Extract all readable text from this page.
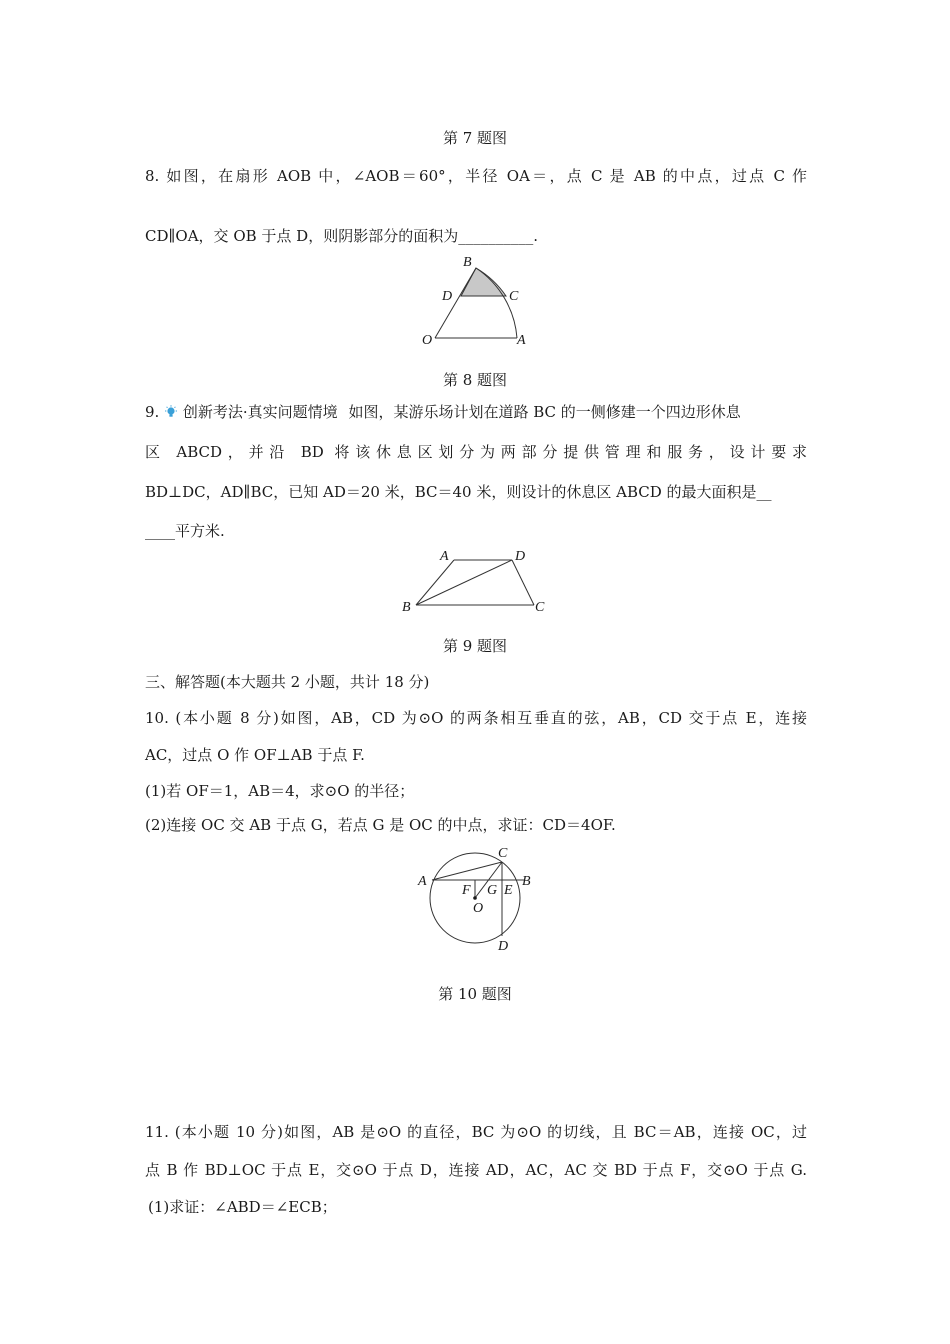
第 7 题图
8. 如图，在扇形 AOB 中，∠AOB＝60°，半径 OA＝，点 C 是 AB 的中点，过点 C 作
CD∥OA，交 OB 于点 D，则阴影部分的面积为__________.
B
D	C
O	A
第 8 题图
9. 创新考法·真实问题情境 如图，某游乐场计划在道路 BC 的一侧修建一个四边形休息
区 ABCD，并沿 BD 将该休息区划分为两部分提供管理和服务，设计要求
BD⊥DC，AD∥BC，已知 AD＝20 米，BC＝40 米，则设计的休息区 ABCD 的最大面积是__
____平方米.
A	D
B	C
第 9 题图
三、解答题(本大题共 2 小题，共计 18 分)
10. (本小题 8 分)如图，AB，CD 为⊙O 的两条相互垂直的弦，AB，CD 交于点 E，连接
AC，过点 O 作 OF⊥AB 于点 F.
(1)若 OF＝1，AB＝4，求⊙O 的半径；
(2)连接 OC 交 AB 于点 G，若点 G 是 OC 的中点，求证：CD＝4OF.
C
A	B
F G E
O
D
第 10 题图
11. (本小题 10 分)如图，AB 是⊙O 的直径，BC 为⊙O 的切线，且 BC＝AB，连接 OC，过
点 B 作 BD⊥OC 于点 E，交⊙O 于点 D，连接 AD，AC，AC 交 BD 于点 F，交⊙O 于点 G.
(1)求证：∠ABD＝∠ECB；
